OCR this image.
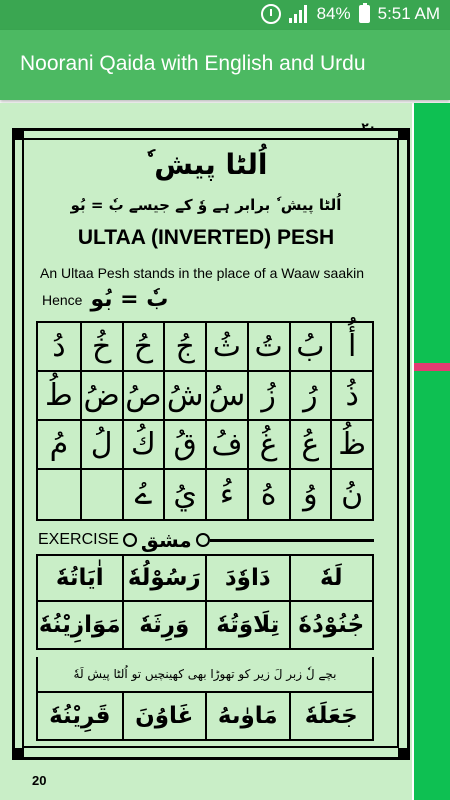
84% 5:51 AM
Noorani Qaida with English and Urdu
۲۰
اُلٹا پیش ٗ
اُلٹا پیش ٗ برابر ہے وٗ کے جیسے بٗ = بُو
ULTAA (INVERTED) PESH
An Ultaa Pesh stands in the place of a Waaw saakin
Hence بٗ = بُو
أُ
بُ
تُ
ثُ
جُ
حُ
خُ
دُ
ذُ
رُ
زُ
سُ
شُ
صُ
ضُ
طُ
ظُ
عُ
غُ
فُ
قُ
كُ
لُ
مُ
نُ
وُ
هُ
ءُ
يُ
ےُ
EXERCISE مشق
لَهٗ
دَاوٗدَ
رَسُوْلُهٗ
اٰيَاتُهٗ
جُنُوْدُهٗ
تِلَاوَتُهٗ
وَرِثَهٗ
مَوَازِيْنُهٗ
بچے لٗ زبر لَ زیر کو تھوڑا بھی کھینچیں تو اُلٹا پیش لَهٗ
جَعَلَهٗ
مَاوٰىهُ
غَاوُنَ
قَرِيْنُهٗ
20
